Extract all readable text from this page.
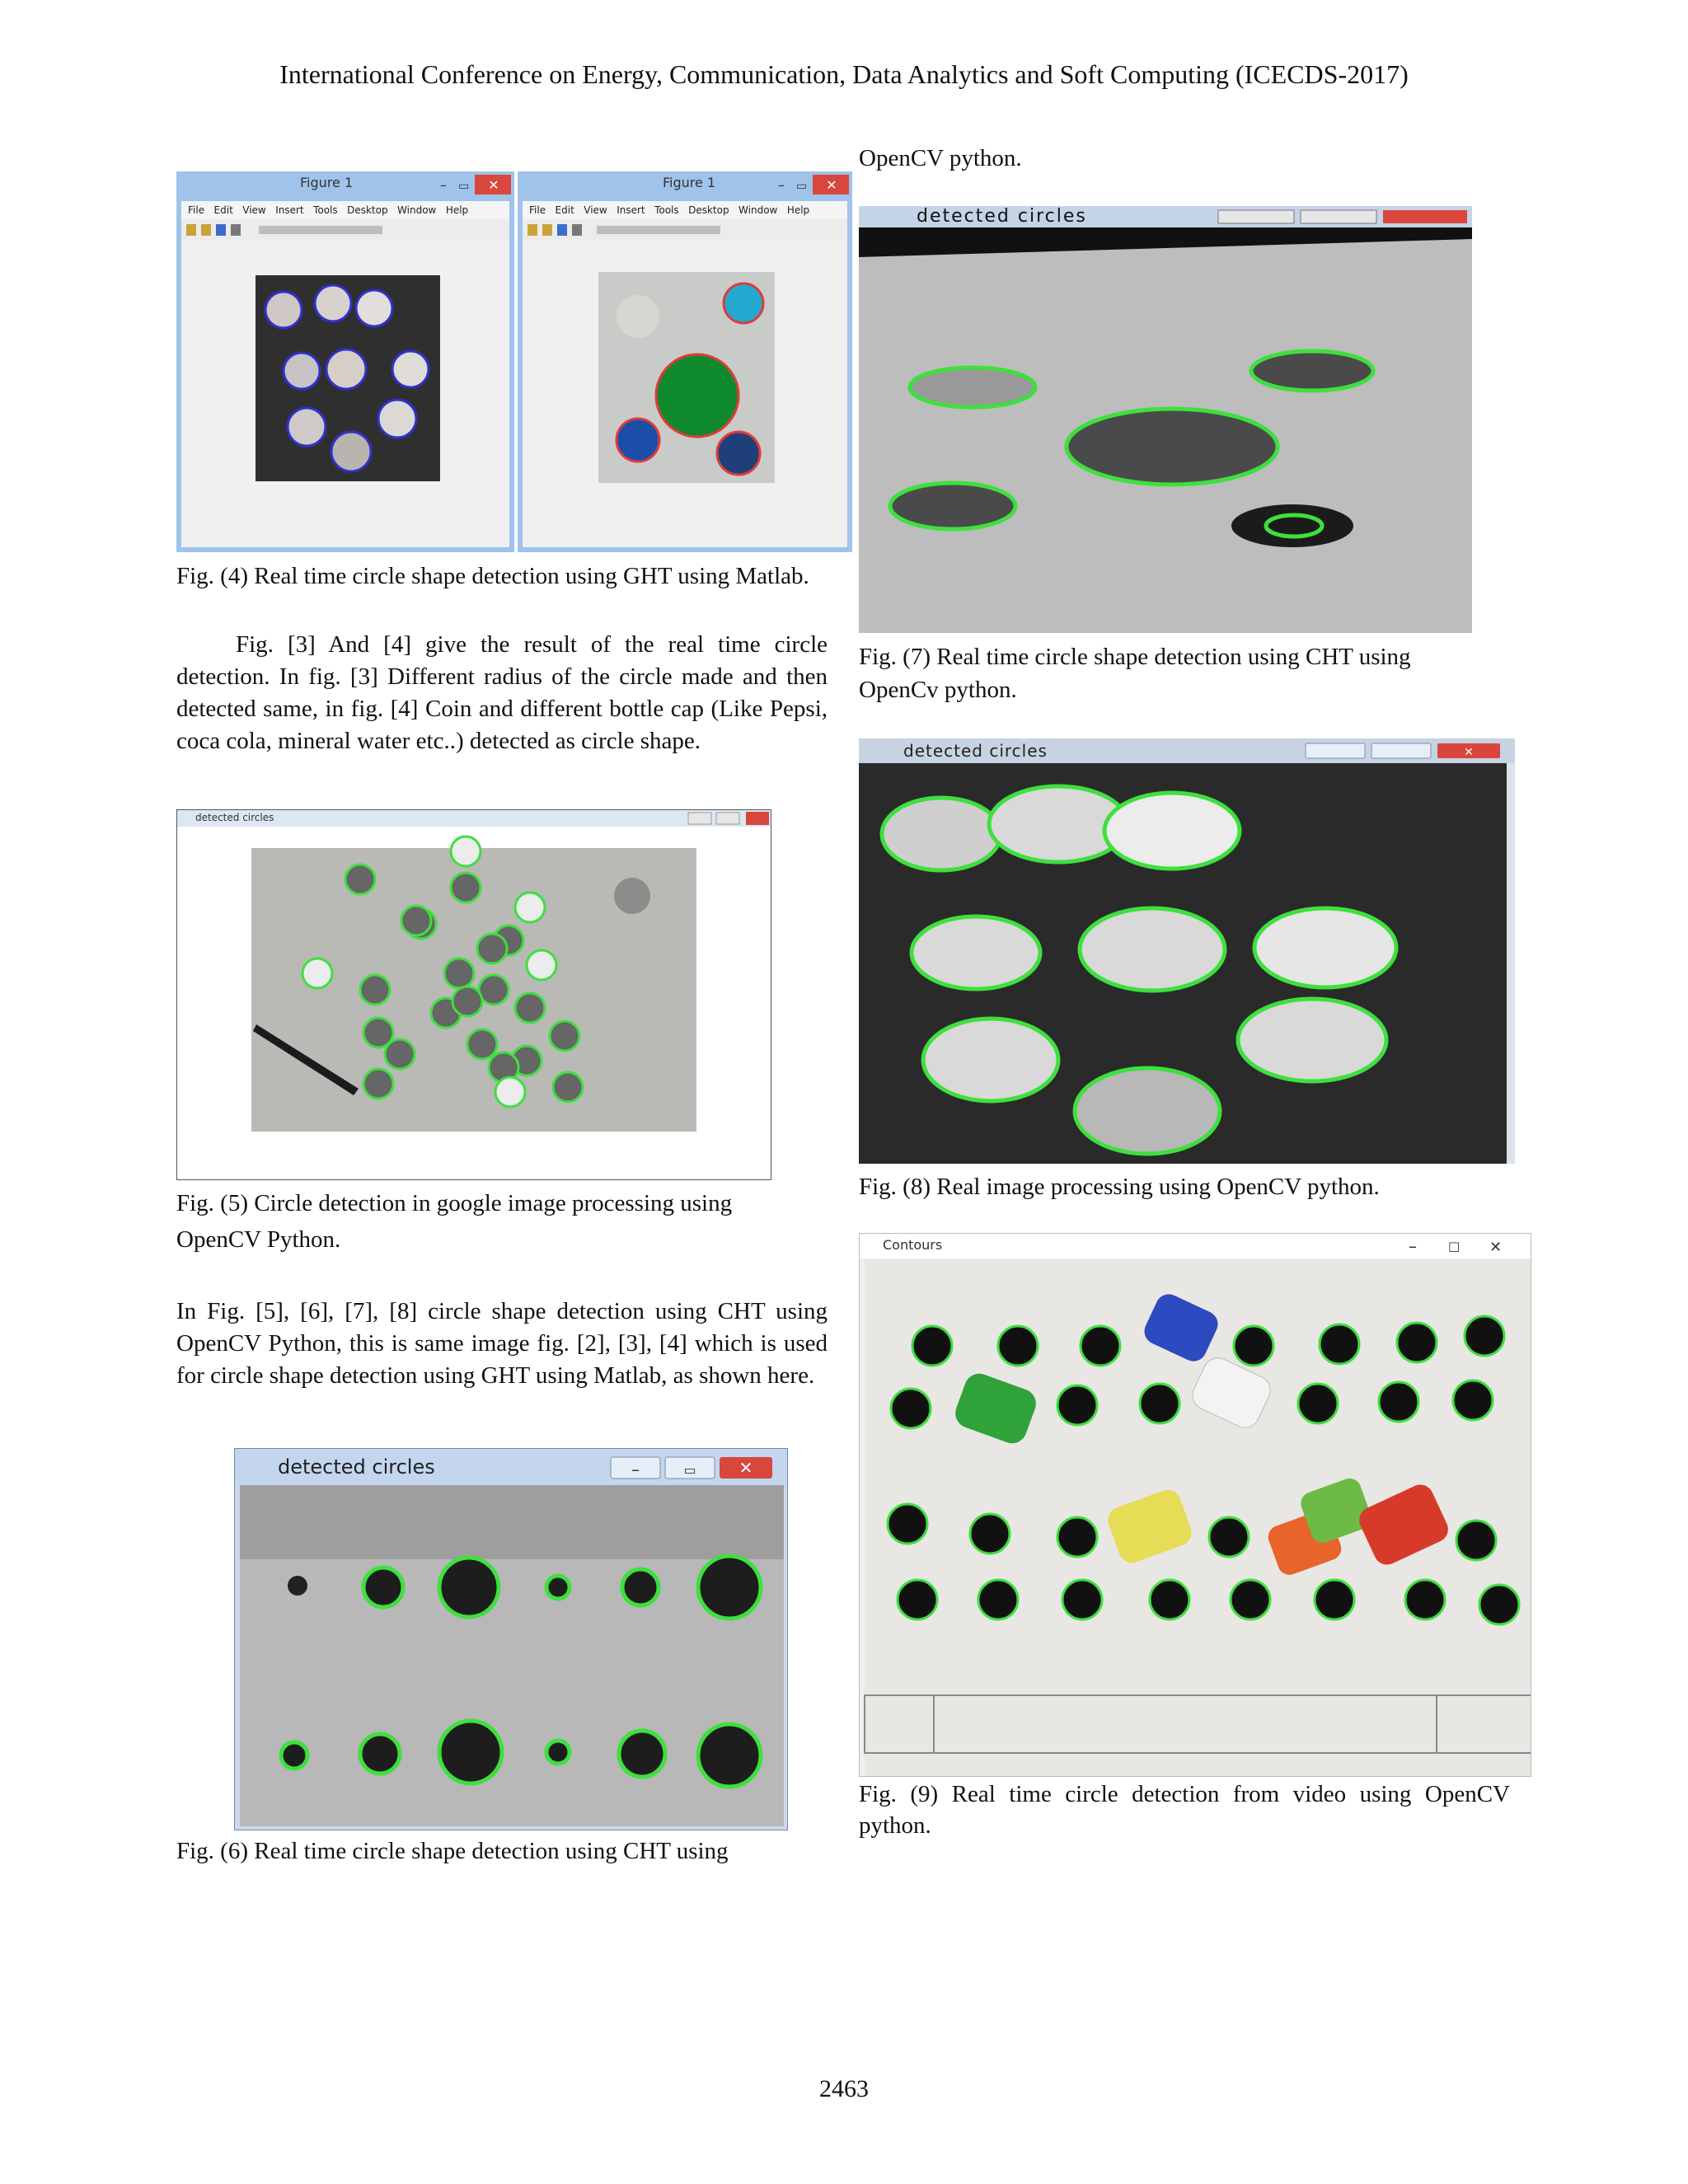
International Conference on Energy, Communication, Data Analytics and Soft Computing (ICECDS-2017)
✕
– ▭	✕
– ▭
Figure 1	Figure 1
File Edit View Insert Tools Desktop Window Help	File Edit View Insert Tools Desktop Window Help
Fig. (4) Real time circle shape detection using GHT using Matlab.
Fig. [3] And [4] give the result of the real time circle detection. In fig. [3] Different radius of the circle made and then detected same, in fig. [4] Coin and different bottle cap (Like Pepsi, coca cola, mineral water etc..) detected as circle shape.
detected circles
Fig. (5) Circle detection in google image processing using OpenCV Python.
In Fig. [5], [6], [7], [8] circle shape detection using CHT using OpenCV Python, this is same image fig. [2], [3], [4] which is used for circle shape detection using GHT using Matlab, as shown here.
✕
–	▭
detected circles
Fig. (6) Real time circle shape detection using CHT using
OpenCV python.
detected circles
Fig. (7) Real time circle shape detection using CHT using OpenCv python.
✕
detected circles
Fig. (8) Real image processing using OpenCV python.
– ☐ ✕
Contours
Fig. (9) Real time circle detection from video using OpenCV python.
2463
